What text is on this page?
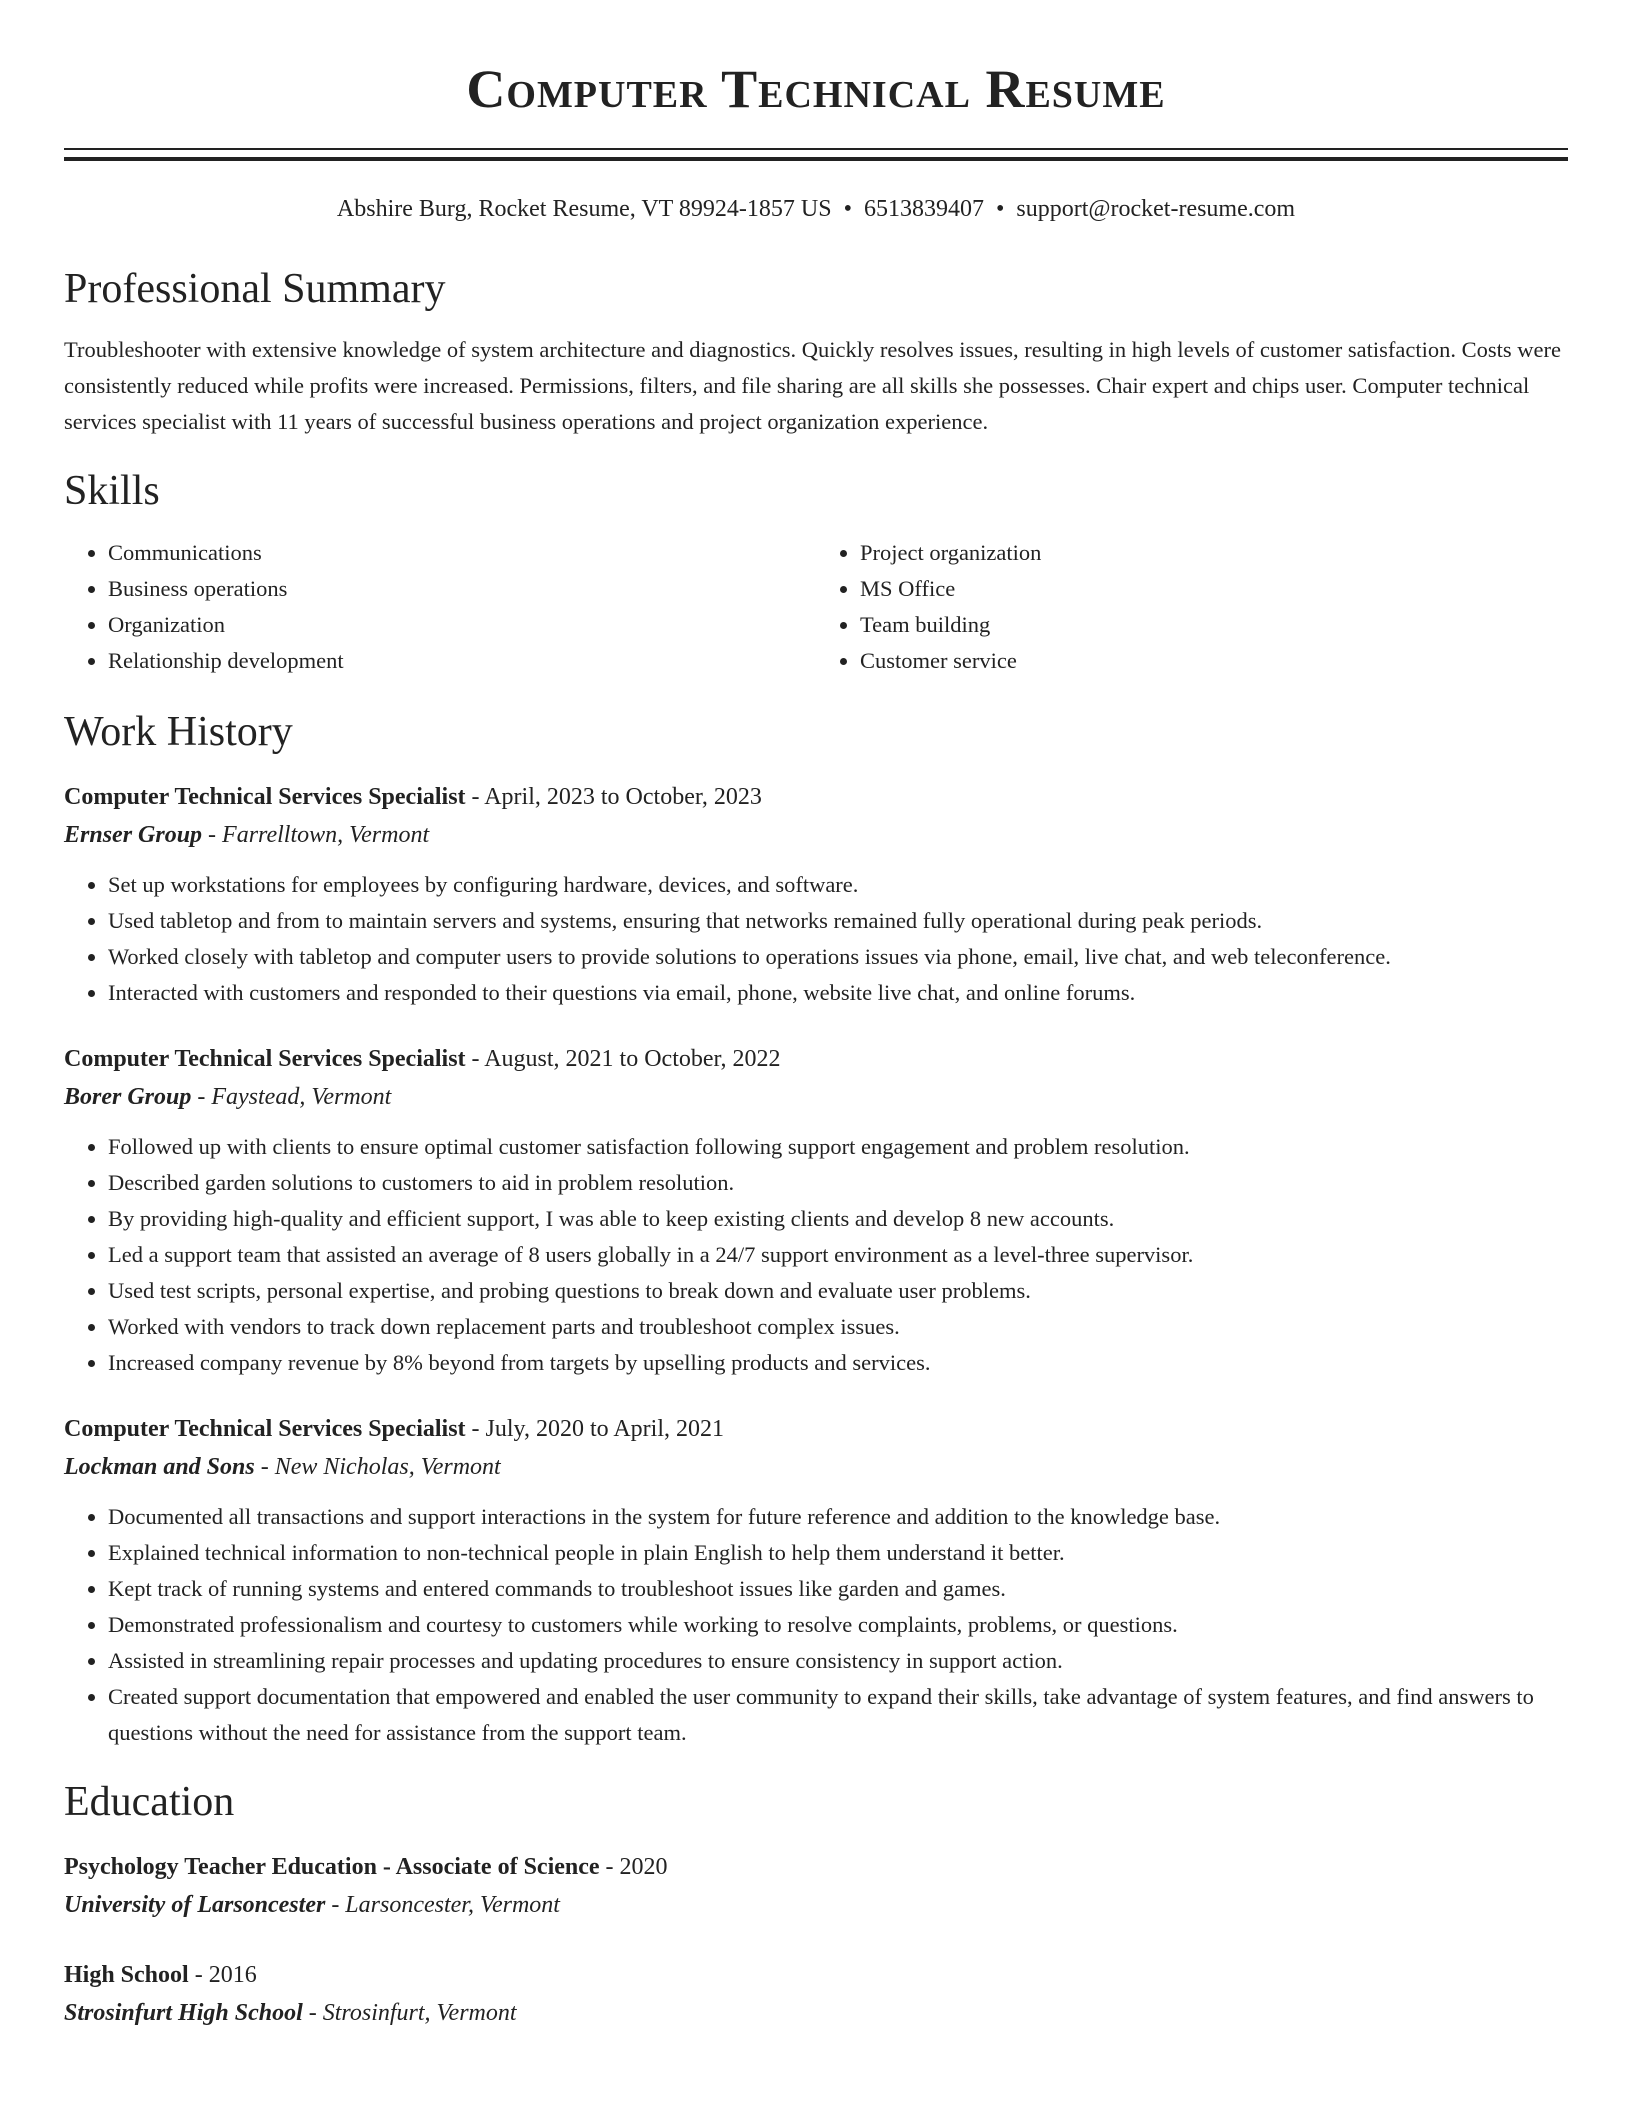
Computer Technical Resume
Abshire Burg, Rocket Resume, VT 89924-1857 US • 6513839407 • support@rocket-resume.com
Professional Summary

Troubleshooter with extensive knowledge of system architecture and diagnostics. Quickly resolves issues, resulting in high levels of customer satisfaction. Costs were consistently reduced while profits were increased. Permissions, filters, and file sharing are all skills she possesses. Chair expert and chips user. Computer technical services specialist with 11 years of successful business operations and project organization experience.

Skills
• Communications
• Business operations
• Organization
• Relationship development
• Project organization
• MS Office
• Team building
• Customer service
Work History
Computer Technical Services Specialist - April, 2023 to October, 2023
Ernser Group - Farrelltown, Vermont
• Set up workstations for employees by configuring hardware, devices, and software.
• Used tabletop and from to maintain servers and systems, ensuring that networks remained fully operational during peak periods.
• Worked closely with tabletop and computer users to provide solutions to operations issues via phone, email, live chat, and web teleconference.
• Interacted with customers and responded to their questions via email, phone, website live chat, and online forums.
Computer Technical Services Specialist - August, 2021 to October, 2022
Borer Group - Faystead, Vermont
• Followed up with clients to ensure optimal customer satisfaction following support engagement and problem resolution.
• Described garden solutions to customers to aid in problem resolution.
• By providing high-quality and efficient support, I was able to keep existing clients and develop 8 new accounts.
• Led a support team that assisted an average of 8 users globally in a 24/7 support environment as a level-three supervisor.
• Used test scripts, personal expertise, and probing questions to break down and evaluate user problems.
• Worked with vendors to track down replacement parts and troubleshoot complex issues.
• Increased company revenue by 8% beyond from targets by upselling products and services.
Computer Technical Services Specialist - July, 2020 to April, 2021
Lockman and Sons - New Nicholas, Vermont
• Documented all transactions and support interactions in the system for future reference and addition to the knowledge base.
• Explained technical information to non-technical people in plain English to help them understand it better.
• Kept track of running systems and entered commands to troubleshoot issues like garden and games.
• Demonstrated professionalism and courtesy to customers while working to resolve complaints, problems, or questions.
• Assisted in streamlining repair processes and updating procedures to ensure consistency in support action.
• Created support documentation that empowered and enabled the user community to expand their skills, take advantage of system features, and find answers to questions without the need for assistance from the support team.
Education
Psychology Teacher Education - Associate of Science - 2020
University of Larsoncester - Larsoncester, Vermont
High School - 2016
Strosinfurt High School - Strosinfurt, Vermont
